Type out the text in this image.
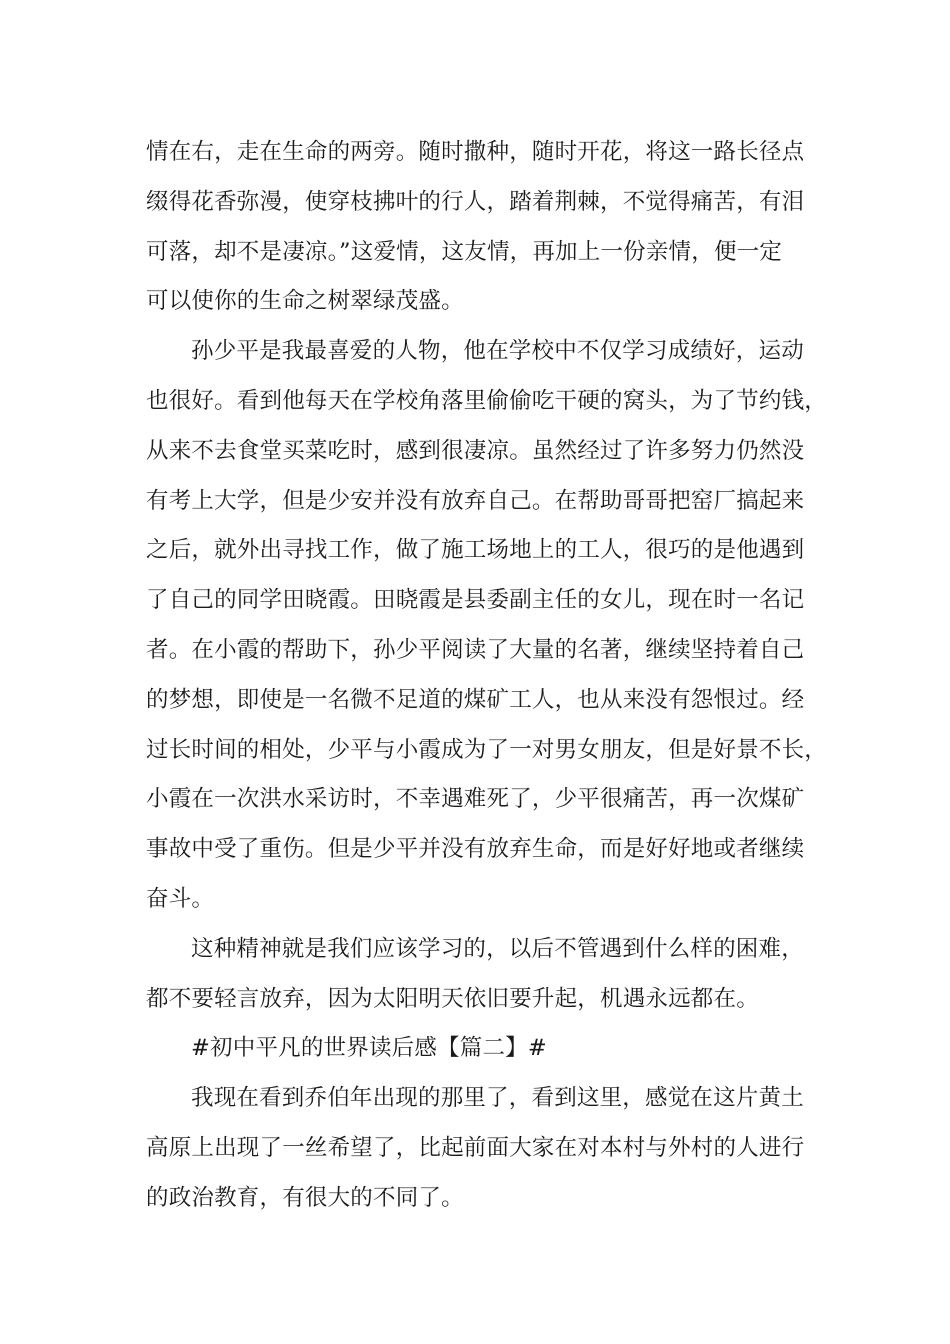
情在右，走在生命的两旁。随时撒种，随时开花，将这一路长径点
缀得花香弥漫，使穿枝拂叶的行人，踏着荆棘，不觉得痛苦，有泪
可落，却不是凄凉。”这爱情，这友情，再加上一份亲情，便一定
可以使你的生命之树翠绿茂盛。
孙少平是我最喜爱的人物，他在学校中不仅学习成绩好，运动
也很好。看到他每天在学校角落里偷偷吃干硬的窝头，为了节约钱，
从来不去食堂买菜吃时，感到很凄凉。虽然经过了许多努力仍然没
有考上大学，但是少安并没有放弃自己。在帮助哥哥把窑厂搞起来
之后，就外出寻找工作，做了施工场地上的工人，很巧的是他遇到
了自己的同学田晓霞。田晓霞是县委副主任的女儿，现在时一名记
者。在小霞的帮助下，孙少平阅读了大量的名著，继续坚持着自己
的梦想，即使是一名微不足道的煤矿工人，也从来没有怨恨过。经
过长时间的相处，少平与小霞成为了一对男女朋友，但是好景不长，
小霞在一次洪水采访时，不幸遇难死了，少平很痛苦，再一次煤矿
事故中受了重伤。但是少平并没有放弃生命，而是好好地或者继续
奋斗。
这种精神就是我们应该学习的，以后不管遇到什么样的困难，
都不要轻言放弃，因为太阳明天依旧要升起，机遇永远都在。
#初中平凡的世界读后感【篇二】#
我现在看到乔伯年出现的那里了，看到这里，感觉在这片黄土
高原上出现了一丝希望了，比起前面大家在对本村与外村的人进行
的政治教育，有很大的不同了。
